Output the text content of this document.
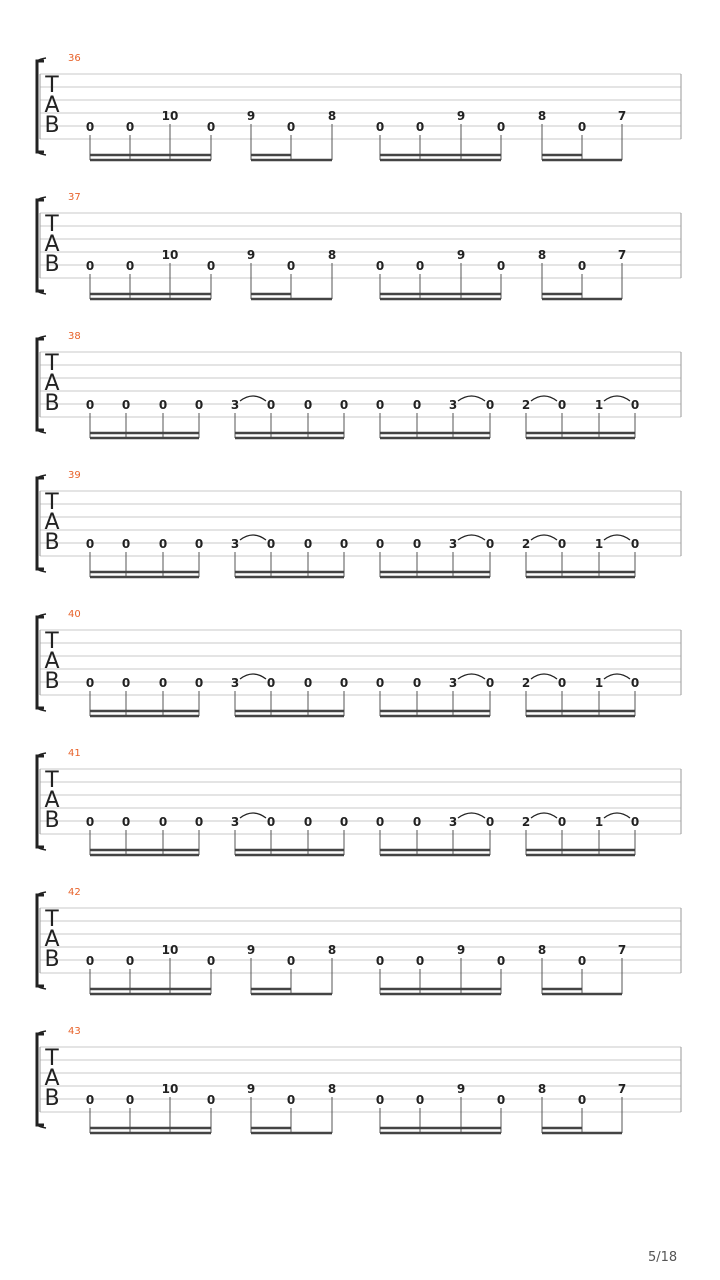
T
A
B
36
0	0
10
0
9
0
8
0	0
9
0
8
0
7
T
A
B
37
0	0
10
0
9
0
8
0	0
9
0
8
0
7
T
A
B
38
0 0 0 0 3 0 0 0 0 0 3 0 2 0 1 0
T
A
B
39
0 0 0 0 3 0 0 0 0 0 3 0 2 0 1 0
T
A
B
40
0 0 0 0 3 0 0 0 0 0 3 0 2 0 1 0
T
A
B
41
0 0 0 0 3 0 0 0 0 0 3 0 2 0 1 0
T
A
B
42
0	0
10
0
9
0
8
0	0
9
0
8
0
7
T
A
B
43
0	0
10
0
9
0
8
0	0
9
0
8
0
7
5/18
